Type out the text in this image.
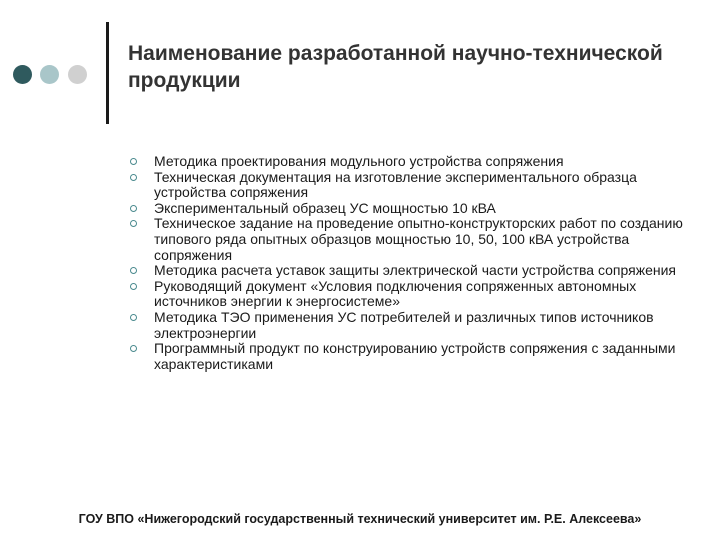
Наименование разработанной научно-технической продукции
Методика проектирования модульного устройства сопряжения
Техническая документация на изготовление экспериментального образца устройства сопряжения
Экспериментальный образец УС мощностью 10 кВА
Техническое задание на проведение опытно-конструкторских работ по созданию типового ряда опытных образцов мощностью 10, 50, 100 кВА устройства сопряжения
Методика расчета уставок защиты электрической части устройства сопряжения
Руководящий документ «Условия подключения сопряженных автономных источников энергии к энергосистеме»
Методика ТЭО применения УС потребителей и различных типов источников электроэнергии
Программный продукт по конструированию устройств сопряжения с заданными характеристиками
ГОУ ВПО «Нижегородский государственный технический университет им. Р.Е. Алексеева»
